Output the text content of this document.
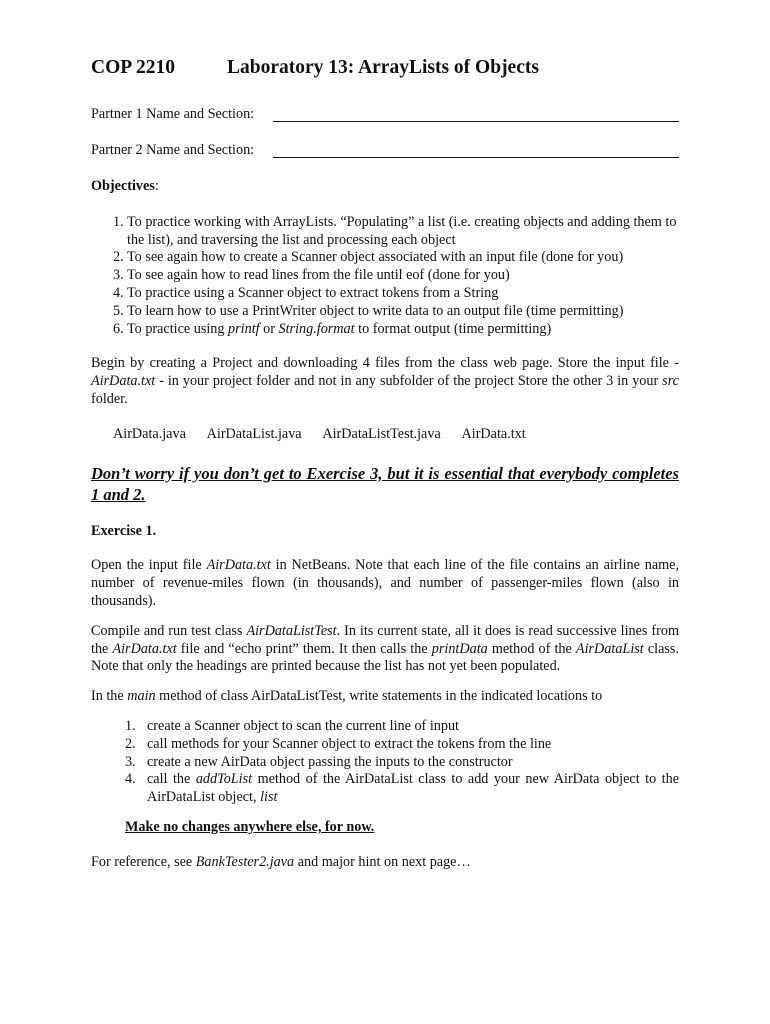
COP 2210	Laboratory 13: ArrayLists of Objects
Partner 1 Name and Section:
Partner 2 Name and Section:
Objectives:
1. To practice working with ArrayLists. “Populating” a list (i.e. creating objects and adding them to the list), and traversing the list and processing each object
2. To see again how to create a Scanner object associated with an input file (done for you)
3. To see again how to read lines from the file until eof (done for you)
4. To practice using a Scanner object to extract tokens from a String
5. To learn how to use a PrintWriter object to write data to an output file (time permitting)
6. To practice using printf or String.format to format output (time permitting)

Begin by creating a Project and downloading 4 files from the class web page. Store the input file - AirData.txt - in your project folder and not in any subfolder of the project Store the other 3 in your src folder.

AirData.java AirDataList.java AirDataListTest.java AirData.txt
Don’t worry if you don’t get to Exercise 3, but it is essential that everybody completes 1 and 2.
Exercise 1.

Open the input file AirData.txt in NetBeans. Note that each line of the file contains an airline name, number of revenue-miles flown (in thousands), and number of passenger-miles flown (also in thousands).

Compile and run test class AirDataListTest. In its current state, all it does is read successive lines from the AirData.txt file and “echo print” them. It then calls the printData method of the AirDataList class. Note that only the headings are printed because the list has not yet been populated.

In the main method of class AirDataListTest, write statements in the indicated locations to

1. create a Scanner object to scan the current line of input
2. call methods for your Scanner object to extract the tokens from the line
3. create a new AirData object passing the inputs to the constructor
4. call the addToList method of the AirDataList class to add your new AirData object to the AirDataList object, list
Make no changes anywhere else, for now.

For reference, see BankTester2.java and major hint on next page…
